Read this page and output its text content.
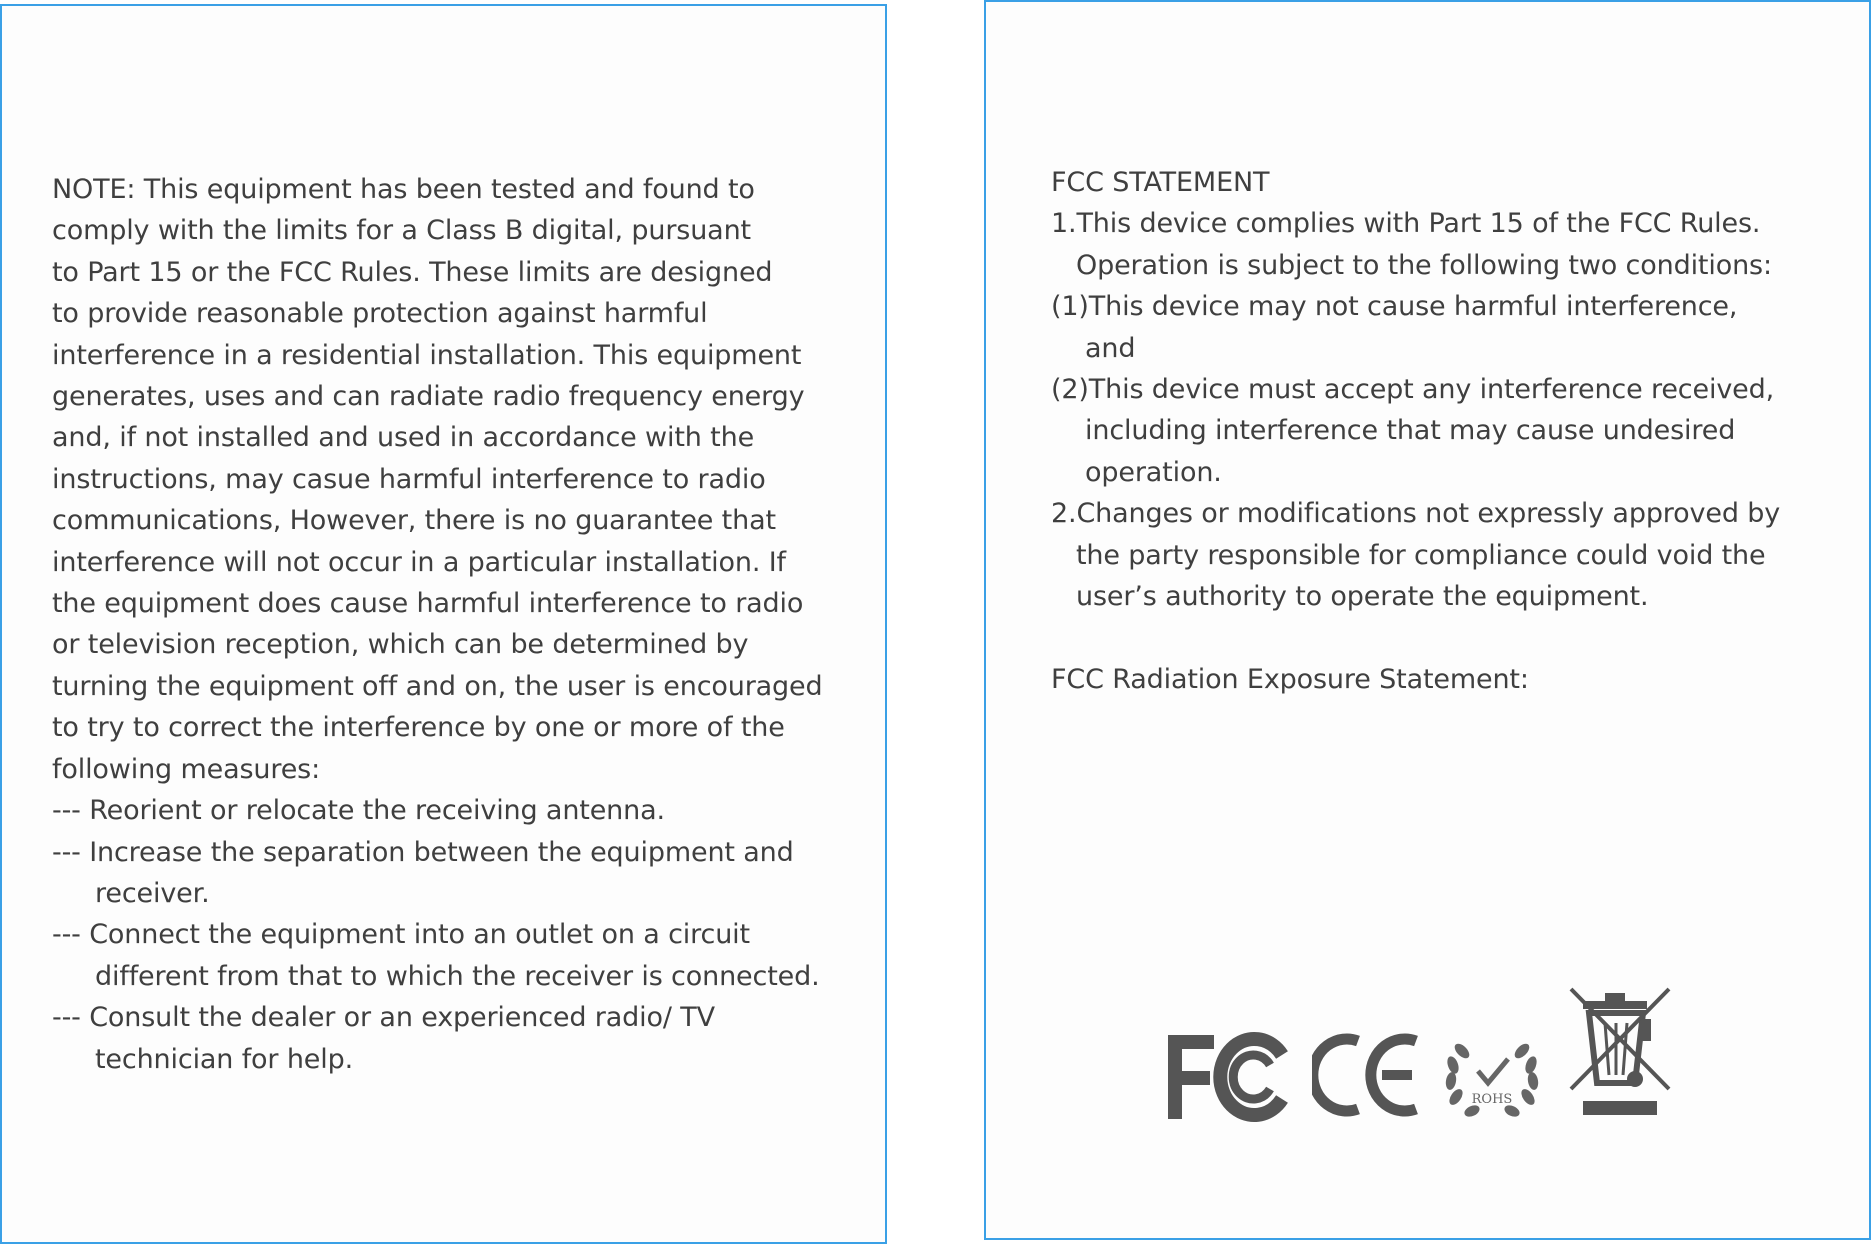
NOTE: This equipment has been tested and found to
comply with the limits for a Class B digital, pursuant
to Part 15 or the FCC Rules. These limits are designed
to provide reasonable protection against harmful
interference in a residential installation. This equipment
generates, uses and can radiate radio frequency energy
and, if not installed and used in accordance with the
instructions, may casue harmful interference to radio
communications, However, there is no guarantee that
interference will not occur in a particular installation. If
the equipment does cause harmful interference to radio
or television reception, which can be determined by
turning the equipment off and on, the user is encouraged
to try to correct the interference by one or more of the
following measures:
--- Reorient or relocate the receiving antenna.
--- Increase the separation between the equipment and
receiver.
--- Connect the equipment into an outlet on a circuit
different from that to which the receiver is connected.
--- Consult the dealer or an experienced radio/ TV
technician for help.
FCC STATEMENT
1.This device complies with Part 15 of the FCC Rules.
Operation is subject to the following two conditions:
(1)This device may not cause harmful interference,
and
(2)This device must accept any interference received,
including interference that may cause undesired
operation.
2.Changes or modifications not expressly approved by
the party responsible for compliance could void the
user’s authority to operate the equipment.
FCC Radiation Exposure Statement:
ROHS
